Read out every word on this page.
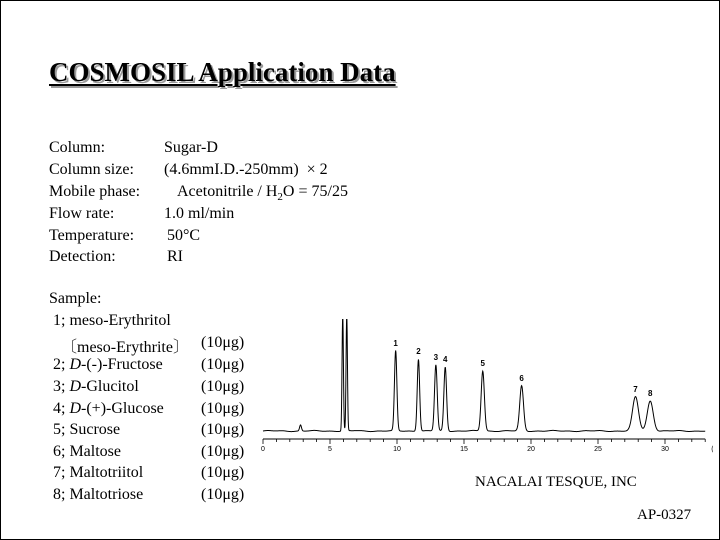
COSMOSIL Application Data
Column:	Sugar-D
Column size: (4.6mmI.D.-250mm)  × 2
Mobile phase: Acetonitrile / $H_2O = 75/25$
Flow rate:	1.0 ml/min
Temperature: 50°C
Detection:	RI
Sample:
1; meso-Erythritol
〔meso-Erythrite〕 (10μg)
2; D-(-)-Fructose (10μg)
3; D-Glucitol	(10μg)
4; D-(+)-Glucose (10μg)
5; Sucrose	(10μg)
6; Maltose	(10μg)
7; Maltotriitol	(10μg)
8; Maltotriose	(10μg)
0	5	10	15	20	25	30
1
2
3 4	5
6
7 8
NACALAI TESQUE, INC
AP-0327
